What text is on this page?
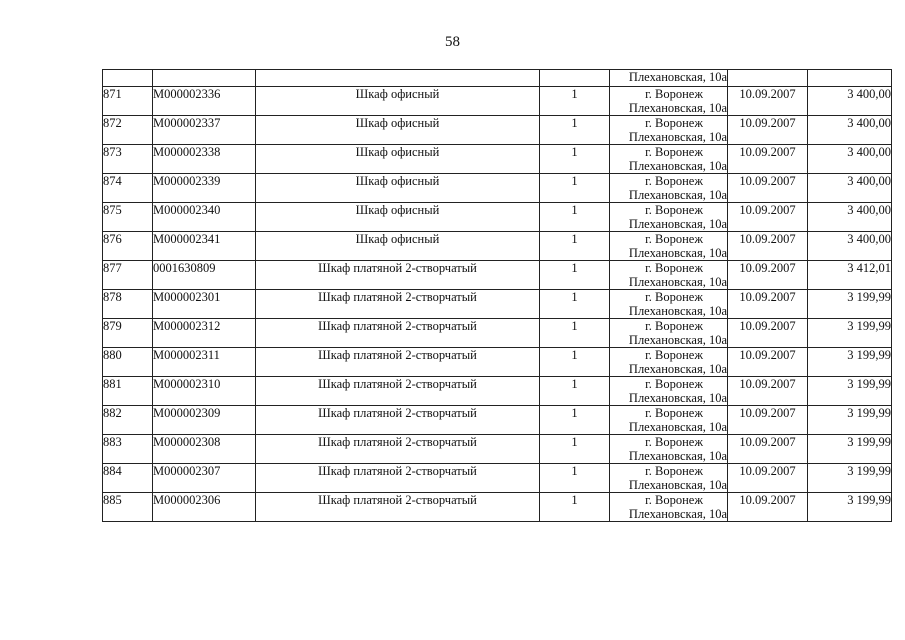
58
				Плехановская, 10а		
871	М000002336	Шкаф офисный	1	г. Воронеж
Плехановская, 10а	10.09.2007	3 400,00
872	М000002337	Шкаф офисный	1	г. Воронеж
Плехановская, 10а	10.09.2007	3 400,00
873	М000002338	Шкаф офисный	1	г. Воронеж
Плехановская, 10а	10.09.2007	3 400,00
874	М000002339	Шкаф офисный	1	г. Воронеж
Плехановская, 10а	10.09.2007	3 400,00
875	М000002340	Шкаф офисный	1	г. Воронеж
Плехановская, 10а	10.09.2007	3 400,00
876	М000002341	Шкаф офисный	1	г. Воронеж
Плехановская, 10а	10.09.2007	3 400,00
877	0001630809	Шкаф платяной 2-створчатый	1	г. Воронеж
Плехановская, 10а	10.09.2007	3 412,01
878	М000002301	Шкаф платяной 2-створчатый	1	г. Воронеж
Плехановская, 10а	10.09.2007	3 199,99
879	М000002312	Шкаф платяной 2-створчатый	1	г. Воронеж
Плехановская, 10а	10.09.2007	3 199,99
880	М000002311	Шкаф платяной 2-створчатый	1	г. Воронеж
Плехановская, 10а	10.09.2007	3 199,99
881	М000002310	Шкаф платяной 2-створчатый	1	г. Воронеж
Плехановская, 10а	10.09.2007	3 199,99
882	М000002309	Шкаф платяной 2-створчатый	1	г. Воронеж
Плехановская, 10а	10.09.2007	3 199,99
883	М000002308	Шкаф платяной 2-створчатый	1	г. Воронеж
Плехановская, 10а	10.09.2007	3 199,99
884	М000002307	Шкаф платяной 2-створчатый	1	г. Воронеж
Плехановская, 10а	10.09.2007	3 199,99
885	М000002306	Шкаф платяной 2-створчатый	1	г. Воронеж
Плехановская, 10а	10.09.2007	3 199,99
